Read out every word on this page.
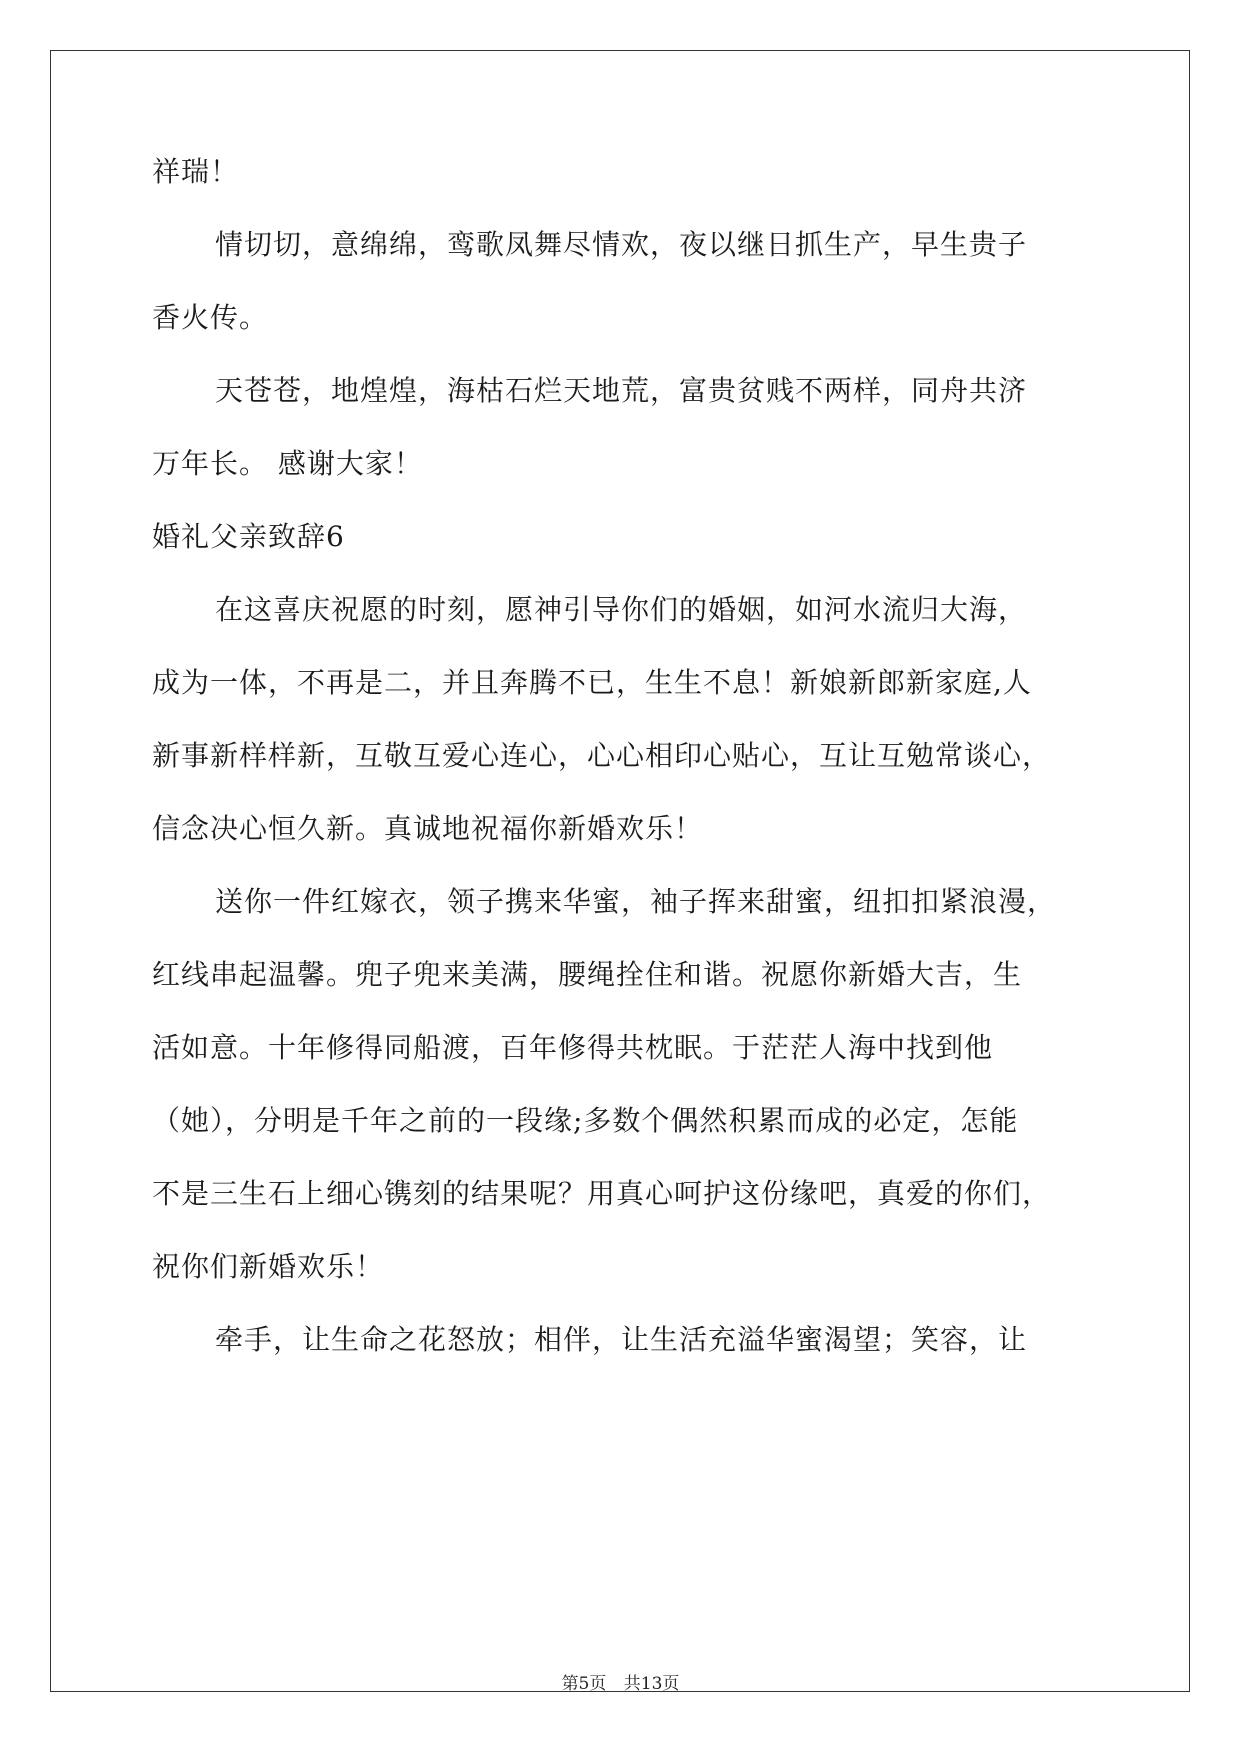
祥瑞！
情切切，意绵绵，鸾歌凤舞尽情欢，夜以继日抓生产，早生贵子
香火传。
天苍苍，地煌煌，海枯石烂天地荒，富贵贫贱不两样，同舟共济
万年长。 感谢大家！
婚礼父亲致辞6
在这喜庆祝愿的时刻，愿神引导你们的婚姻，如河水流归大海，
成为一体，不再是二，并且奔腾不已，生生不息！新娘新郎新家庭,人
新事新样样新，互敬互爱心连心，心心相印心贴心，互让互勉常谈心，
信念决心恒久新。真诚地祝福你新婚欢乐！
送你一件红嫁衣，领子携来华蜜，袖子挥来甜蜜，纽扣扣紧浪漫，
红线串起温馨。兜子兜来美满，腰绳拴住和谐。祝愿你新婚大吉，生
活如意。十年修得同船渡，百年修得共枕眠。于茫茫人海中找到他
（她），分明是千年之前的一段缘;多数个偶然积累而成的必定，怎能
不是三生石上细心镌刻的结果呢？用真心呵护这份缘吧，真爱的你们，
祝你们新婚欢乐！
牵手，让生命之花怒放；相伴，让生活充溢华蜜渴望；笑容，让
第5页 共13页
